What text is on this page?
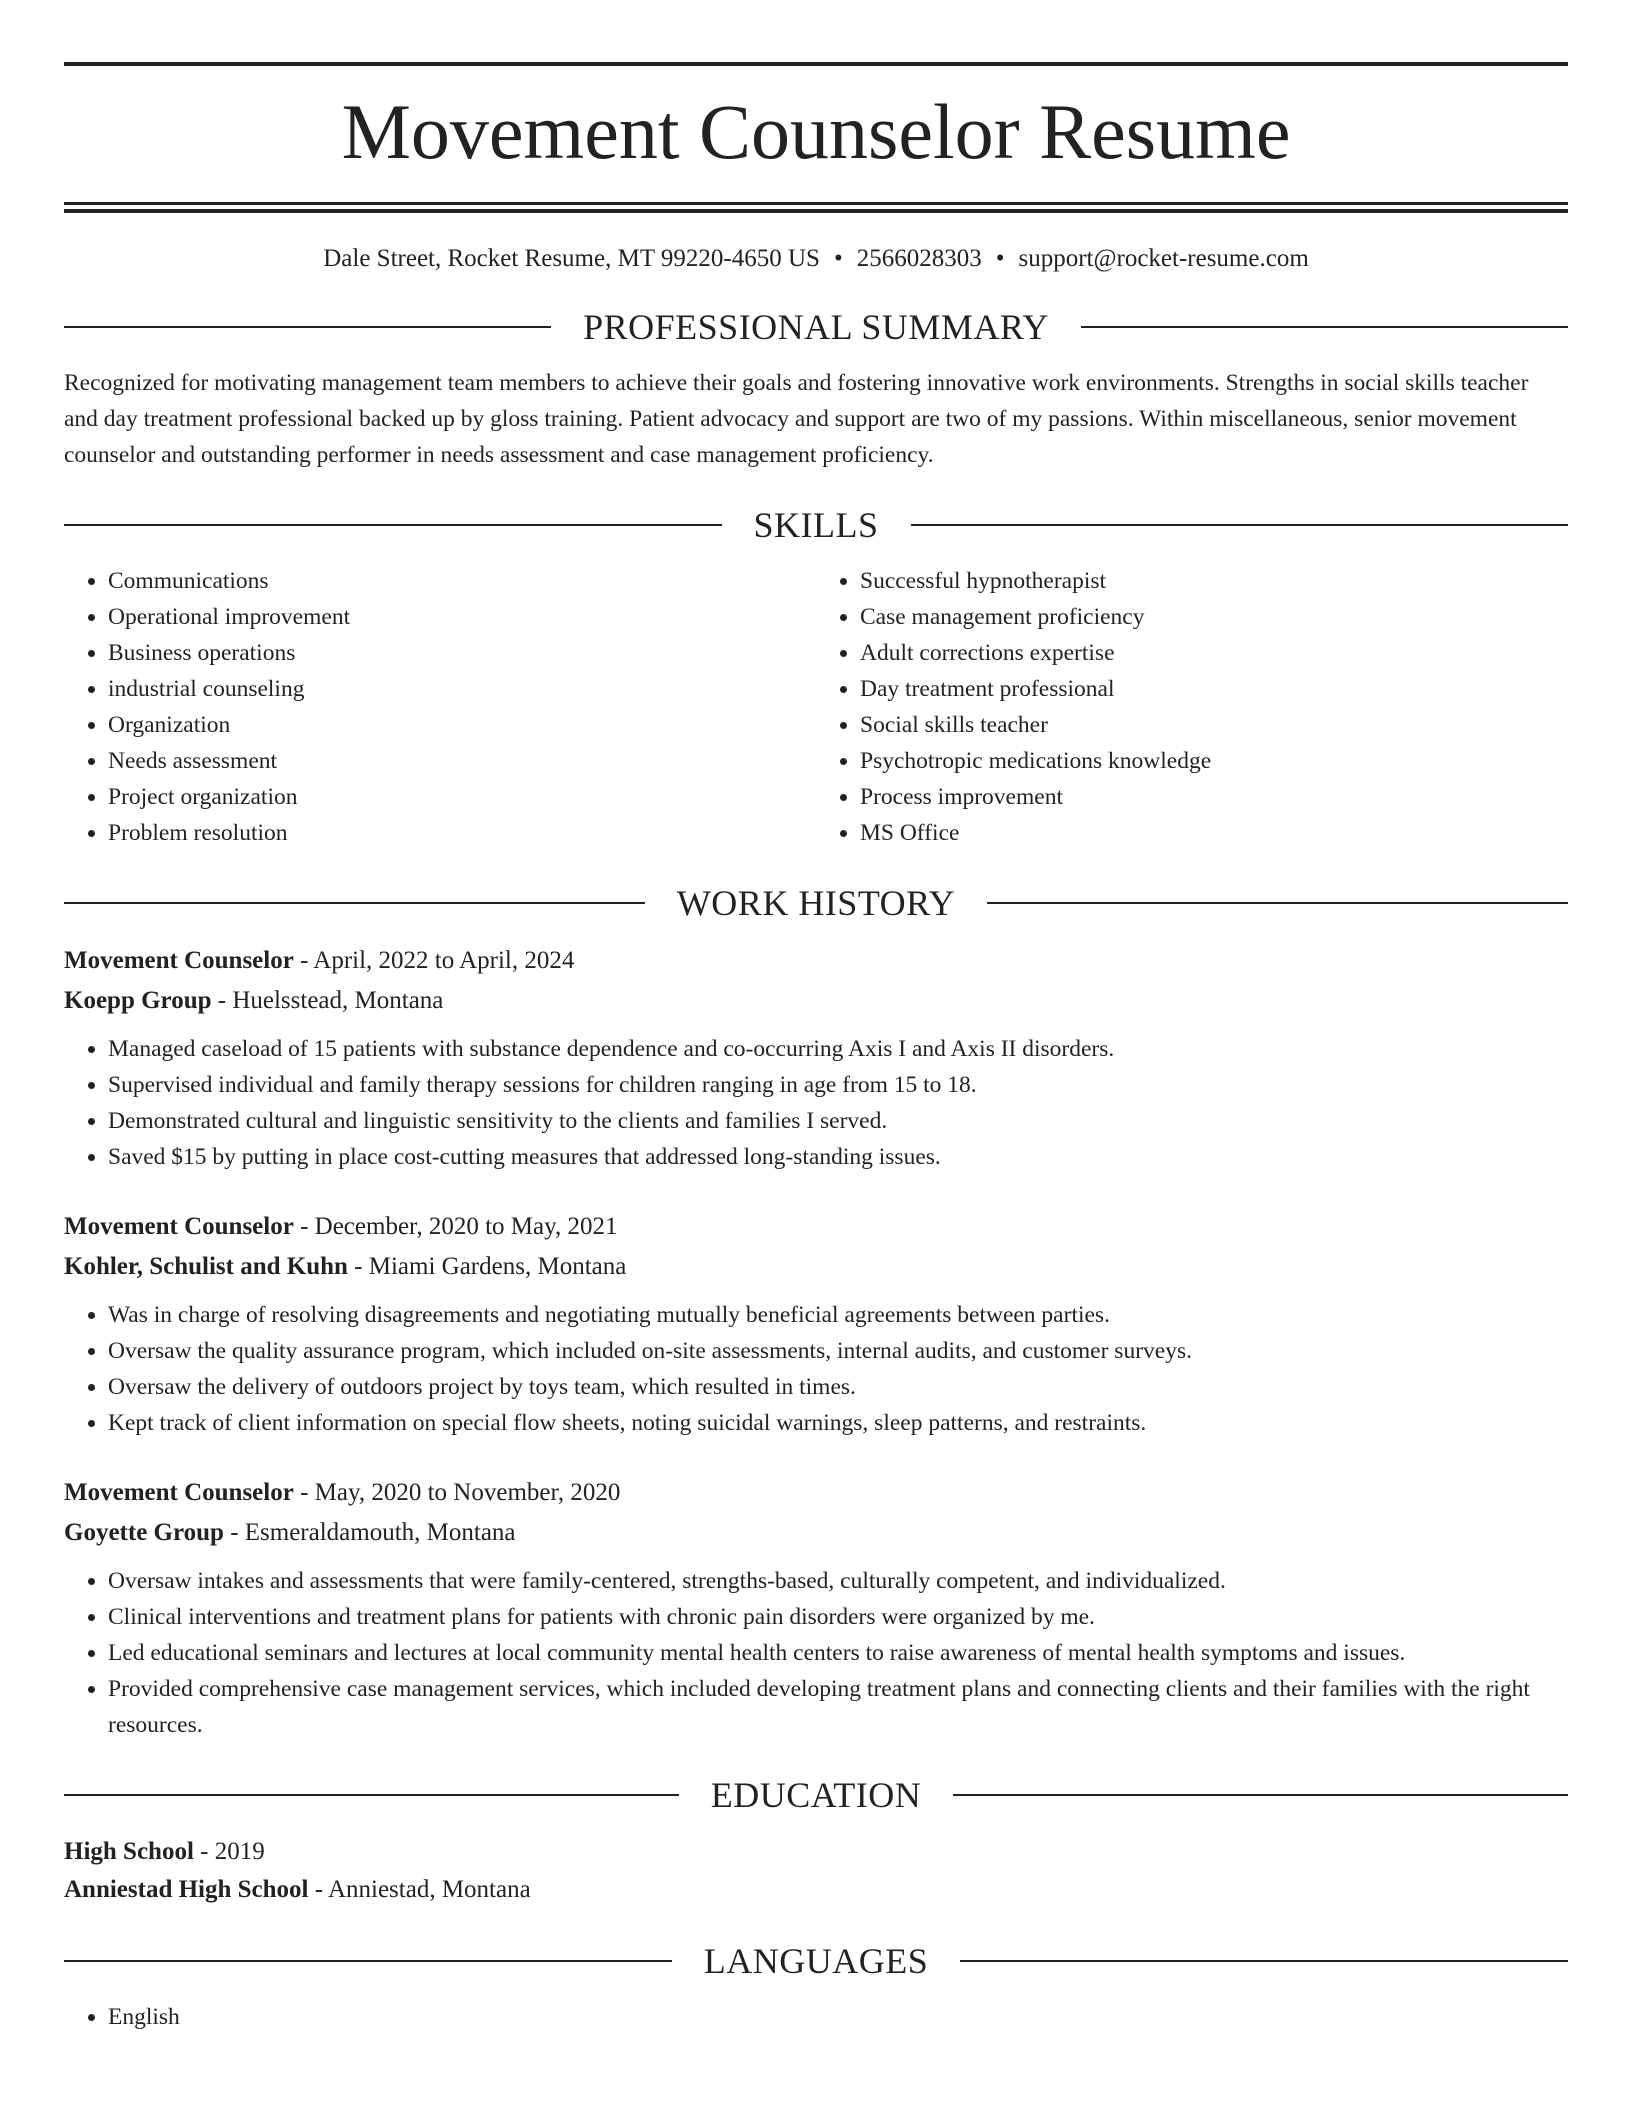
Movement Counselor Resume

Dale Street, Rocket Resume, MT 99220-4650 US • 2566028303 • support@rocket-resume.com

PROFESSIONAL SUMMARY

Recognized for motivating management team members to achieve their goals and fostering innovative work environments. Strengths in social skills teacher and day treatment professional backed up by gloss training. Patient advocacy and support are two of my passions. Within miscellaneous, senior movement counselor and outstanding performer in needs assessment and case management proficiency.

SKILLS
• Communications
• Operational improvement
• Business operations
• industrial counseling
• Organization
• Needs assessment
• Project organization
• Problem resolution
• Successful hypnotherapist
• Case management proficiency
• Adult corrections expertise
• Day treatment professional
• Social skills teacher
• Psychotropic medications knowledge
• Process improvement
• MS Office
WORK HISTORY

Movement Counselor - April, 2022 to April, 2024

Koepp Group - Huelsstead, Montana

• Managed caseload of 15 patients with substance dependence and co-occurring Axis I and Axis II disorders.
• Supervised individual and family therapy sessions for children ranging in age from 15 to 18.
• Demonstrated cultural and linguistic sensitivity to the clients and families I served.
• Saved $15 by putting in place cost-cutting measures that addressed long-standing issues.

Movement Counselor - December, 2020 to May, 2021

Kohler, Schulist and Kuhn - Miami Gardens, Montana

• Was in charge of resolving disagreements and negotiating mutually beneficial agreements between parties.
• Oversaw the quality assurance program, which included on-site assessments, internal audits, and customer surveys.
• Oversaw the delivery of outdoors project by toys team, which resulted in times.
• Kept track of client information on special flow sheets, noting suicidal warnings, sleep patterns, and restraints.

Movement Counselor - May, 2020 to November, 2020

Goyette Group - Esmeraldamouth, Montana

• Oversaw intakes and assessments that were family-centered, strengths-based, culturally competent, and individualized.
• Clinical interventions and treatment plans for patients with chronic pain disorders were organized by me.
• Led educational seminars and lectures at local community mental health centers to raise awareness of mental health symptoms and issues.
• Provided comprehensive case management services, which included developing treatment plans and connecting clients and their families with the right resources.
EDUCATION

High School - 2019

Anniestad High School - Anniestad, Montana

LANGUAGES
• English
